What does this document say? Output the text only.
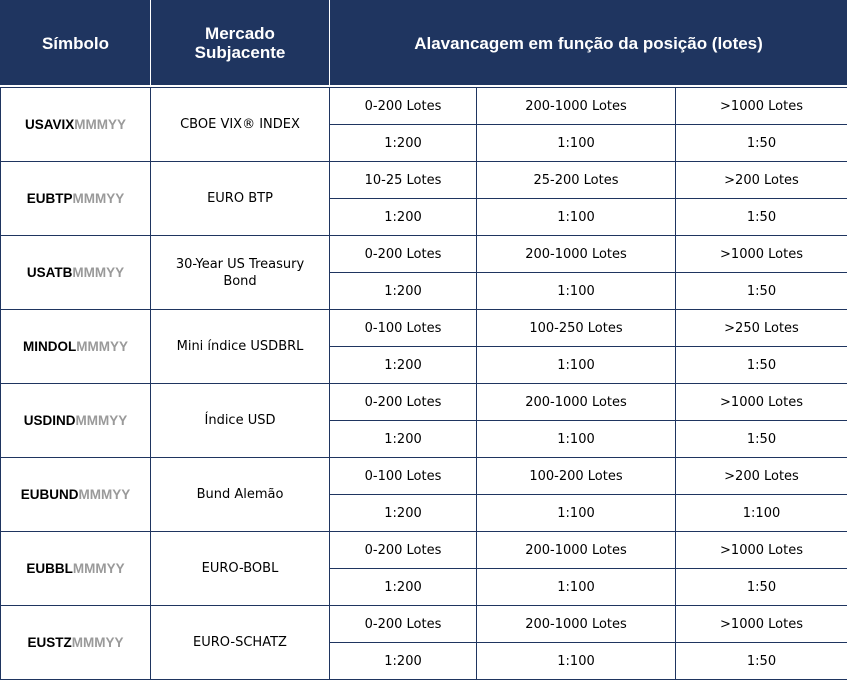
Símbolo	Mercado Subjacente	Alavancagem em função da posição (lotes)		

USAVIXMMMYY	CBOE VIX® INDEX	0-200 Lotes	200-1000 Lotes	>1000 Lotes
		1:200	1:100	1:50
EUBTPMMMYY	EURO BTP	10-25 Lotes	25-200 Lotes	>200 Lotes
		1:200	1:100	1:50
USATBMMMYY	30-Year US Treasury Bond	0-200 Lotes	200-1000 Lotes	>1000 Lotes
		1:200	1:100	1:50
MINDOLMMMYY	Mini índice USDBRL	0-100 Lotes	100-250 Lotes	>250 Lotes
		1:200	1:100	1:50
USDINDMMMYY	Índice USD	0-200 Lotes	200-1000 Lotes	>1000 Lotes
		1:200	1:100	1:50
EUBUNDMMMYY	Bund Alemão	0-100 Lotes	100-200 Lotes	>200 Lotes
		1:200	1:100	1:100
EUBBLMMMYY	EURO-BOBL	0-200 Lotes	200-1000 Lotes	>1000 Lotes
		1:200	1:100	1:50
EUSTZMMMYY	EURO-SCHATZ	0-200 Lotes	200-1000 Lotes	>1000 Lotes
		1:200	1:100	1:50
